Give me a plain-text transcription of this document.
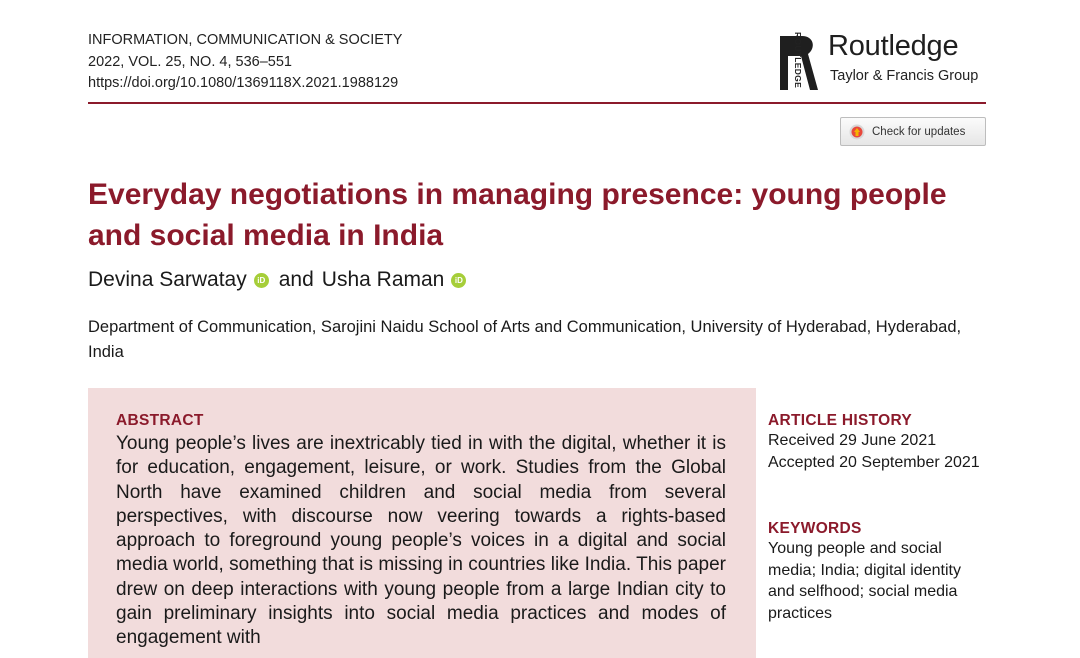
INFORMATION, COMMUNICATION & SOCIETY
2022, VOL. 25, NO. 4, 536–551
https://doi.org/10.1080/1369118X.2021.1988129	ROUTLEDGE Routledge
Taylor & Francis Group
Check for updates
Everyday negotiations in managing presence: young people and social media in India
Devina Sarwatay	iD and Usha Raman	iD
Department of Communication, Sarojini Naidu School of Arts and Communication, University of Hyderabad, Hyderabad, India
ABSTRACT

Young people’s lives are inextricably tied in with the digital, whether it is for education, engagement, leisure, or work. Studies from the Global North have examined children and social media from several perspectives, with discourse now veering towards a rights-based approach to foreground young people’s voices in a digital and social media world, something that is missing in countries like India. This paper drew on deep interactions with young people from a large Indian city to gain preliminary insights into social media practices and modes of engagement with

ARTICLE HISTORY
Received 29 June 2021
Accepted 20 September 2021
KEYWORDS
Young people and social media; India; digital identity and selfhood; social media practices
